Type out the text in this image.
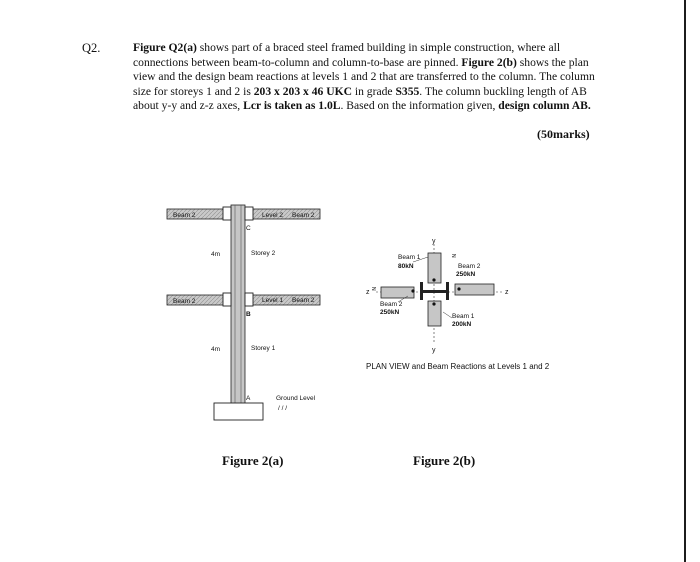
Q2.	Figure Q2(a) shows part of a braced steel framed building in simple construction, where all connections between beam-to-column and column-to-base are pinned. Figure 2(b) shows the plan view and the design beam reactions at levels 1 and 2 that are transferred to the column. The column size for storeys 1 and 2 is 203 x 203 x 46 UKC in grade S355. The column buckling length of AB about y-y and z-z axes, Lcr is taken as 1.0L. Based on the information given, design column AB.
(50marks)
Beam 2	Level 2 Beam 2
C
4m	Storey 2
Beam 2	Level 1 Beam 2
B
4m	Storey 1
A	Ground Level
/ / /
y
y
z	z
Beam 1
80kN	Beam 2
250kN
Beam 2
250kN
Beam 1
200kN
N
N
PLAN VIEW and Beam Reactions at Levels 1 and 2
Figure 2(a)	Figure 2(b)
